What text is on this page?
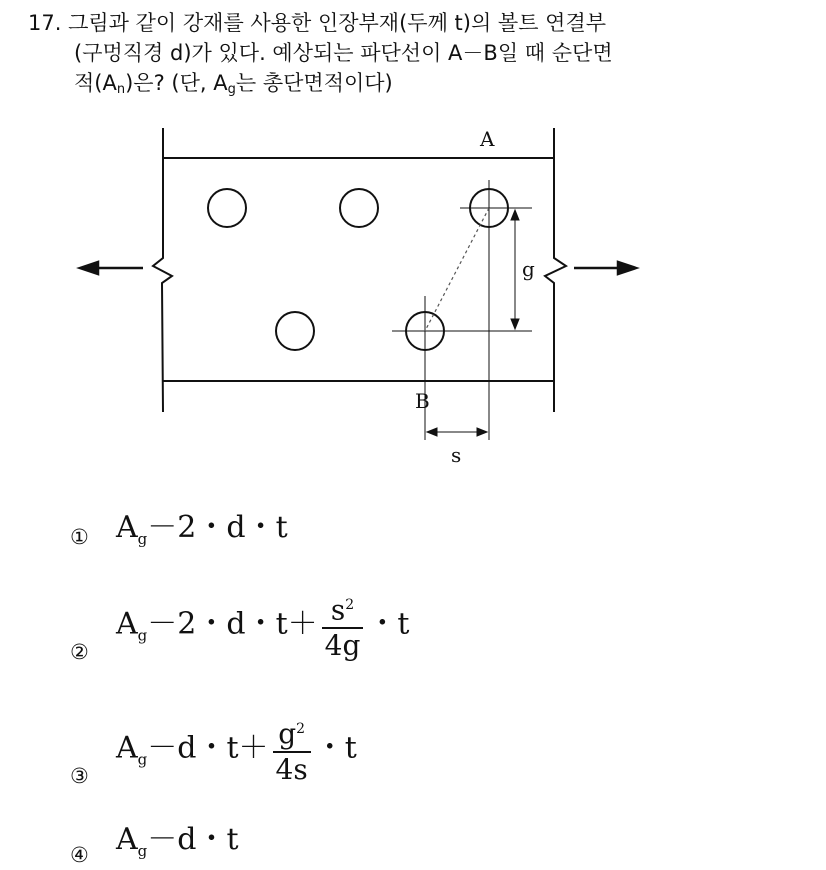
17. 그림과 같이 강재를 사용한 인장부재(두께 t)의 볼트 연결부
(구멍직경 d)가 있다. 예상되는 파단선이 A－B일 때 순단면
적$(A_n)$은? (단, $A_g$는 총단면적이다)
A
B
g
s
① $A_g-2$・d・t
②
$A_g-2$・d・$t+ \frac{s^2}{4g}$ ・t
③
$A_g-d$・$t+ \frac{g^2}{4s}$ ・t
④ $A_g-d$・t
